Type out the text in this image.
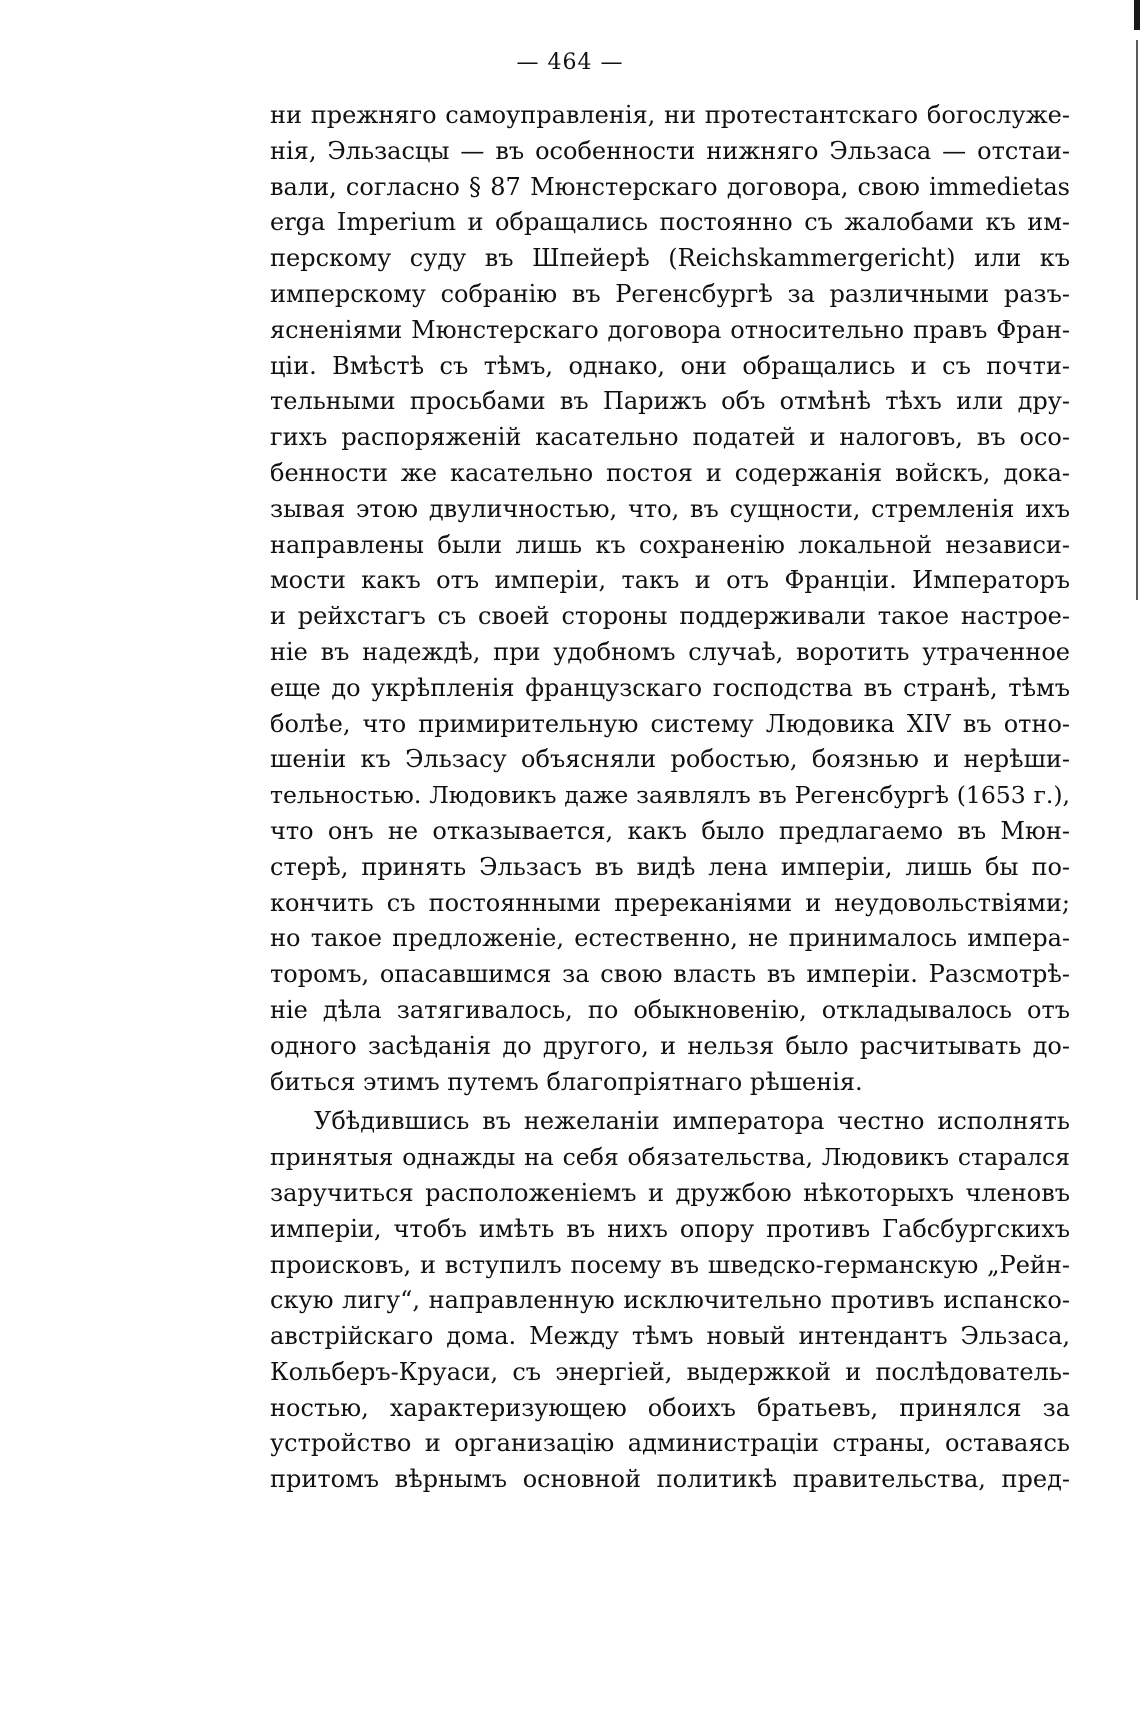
— 464 —
ни прежняго самоуправленія, ни протестантскаго богослуже-
нія, Эльзасцы — въ особенности нижняго Эльзаса — отстаи-
вали, согласно § 87 Мюнстерскаго договора, свою immedietas
erga Imperium и обращались постоянно съ жалобами къ им-
перскому суду въ Шпейерѣ (Reichskammergericht) или къ
имперскому собранію въ Регенсбургѣ за различными разъ-
ясненіями Мюнстерскаго договора относительно правъ Фран-
ціи. Вмѣстѣ съ тѣмъ, однако, они обращались и съ почти-
тельными просьбами въ Парижъ объ отмѣнѣ тѣхъ или дру-
гихъ распоряженій касательно податей и налоговъ, въ осо-
бенности же касательно постоя и содержанія войскъ, дока-
зывая этою двуличностью, что, въ сущности, стремленія ихъ
направлены были лишь къ сохраненію локальной независи-
мости какъ отъ имперіи, такъ и отъ Франціи. Императоръ
и рейхстагъ съ своей стороны поддерживали такое настрое-
ніе въ надеждѣ, при удобномъ случаѣ, воротить утраченное
еще до укрѣпленія французскаго господства въ странѣ, тѣмъ
болѣе, что примирительную систему Людовика XIV въ отно-
шеніи къ Эльзасу объясняли робостью, боязнью и нерѣши-
тельностью. Людовикъ даже заявлялъ въ Регенсбургѣ (1653 г.),
что онъ не отказывается, какъ было предлагаемо въ Мюн-
стерѣ, принять Эльзасъ въ видѣ лена имперіи, лишь бы по-
кончить съ постоянными пререканіями и неудовольствіями;
но такое предложеніе, естественно, не принималось импера-
торомъ, опасавшимся за свою власть въ имперіи. Разсмотрѣ-
ніе дѣла затягивалось, по обыкновенію, откладывалось отъ
одного засѣданія до другого, и нельзя было расчитывать до-
биться этимъ путемъ благопріятнаго рѣшенія.
Убѣдившись въ нежеланіи императора честно исполнять
принятыя однажды на себя обязательства, Людовикъ старался
заручиться расположеніемъ и дружбою нѣкоторыхъ членовъ
имперіи, чтобъ имѣть въ нихъ опору противъ Габсбургскихъ
происковъ, и вступилъ посему въ шведско-германскую „Рейн-
скую лигу“, направленную исключительно противъ испанско-
австрійскаго дома. Между тѣмъ новый интендантъ Эльзаса,
Кольберъ-Круаси, съ энергіей, выдержкой и послѣдователь-
ностью, характеризующею обоихъ братьевъ, принялся за
устройство и организацію администраціи страны, оставаясь
притомъ вѣрнымъ основной политикѣ правительства, пред-
